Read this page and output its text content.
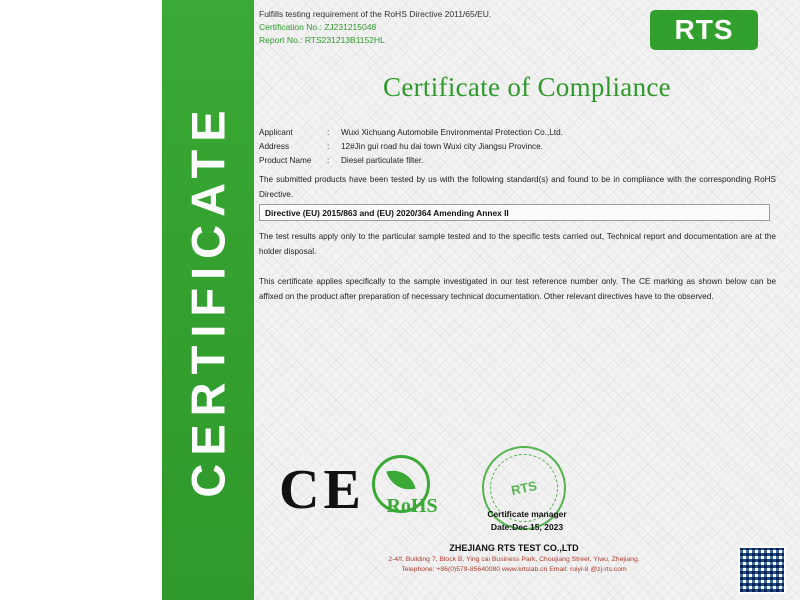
CERTIFICATE
Fulfills testing requirement of the RoHS Directive 2011/65/EU.
Certification No.: ZJ231215048
Report No.: RTS231213B1152HL	RTS
Certificate of Compliance
Applicant	:	Wuxi Xichuang Automobile Environmental Protection Co.,Ltd.
Address	:	12#Jin gui road hu dai town Wuxi city Jiangsu Province.
Product Name	:	Diesel particulate filter.
The submitted products have been tested by us with the following standard(s) and found to be in compliance with the corresponding RoHS Directive.
Directive (EU) 2015/863 and (EU) 2020/364 Amending Annex II
The test results apply only to the particular sample tested and to the specific tests carried out, Technical report and documentation are at the holder disposal.
This certificate applies specifically to the sample investigated in our test reference number only. The CE marking as shown below can be affixed on the product after preparation of necessary technical documentation. Other relevant directives have to the observed.
CE	RoHS
RTS
Certificate manager
Date:Dec 15, 2023
ZHEJIANG RTS TEST CO.,LTD
2-4/f, Building 7, Block B, Ying cai Business Park, Choujiang Street, Yiwu, Zhejiang.
Telephone: +86(0)579-85640080 www.krtslab.cn Email: ruiyi-8 @zj-rts.com
